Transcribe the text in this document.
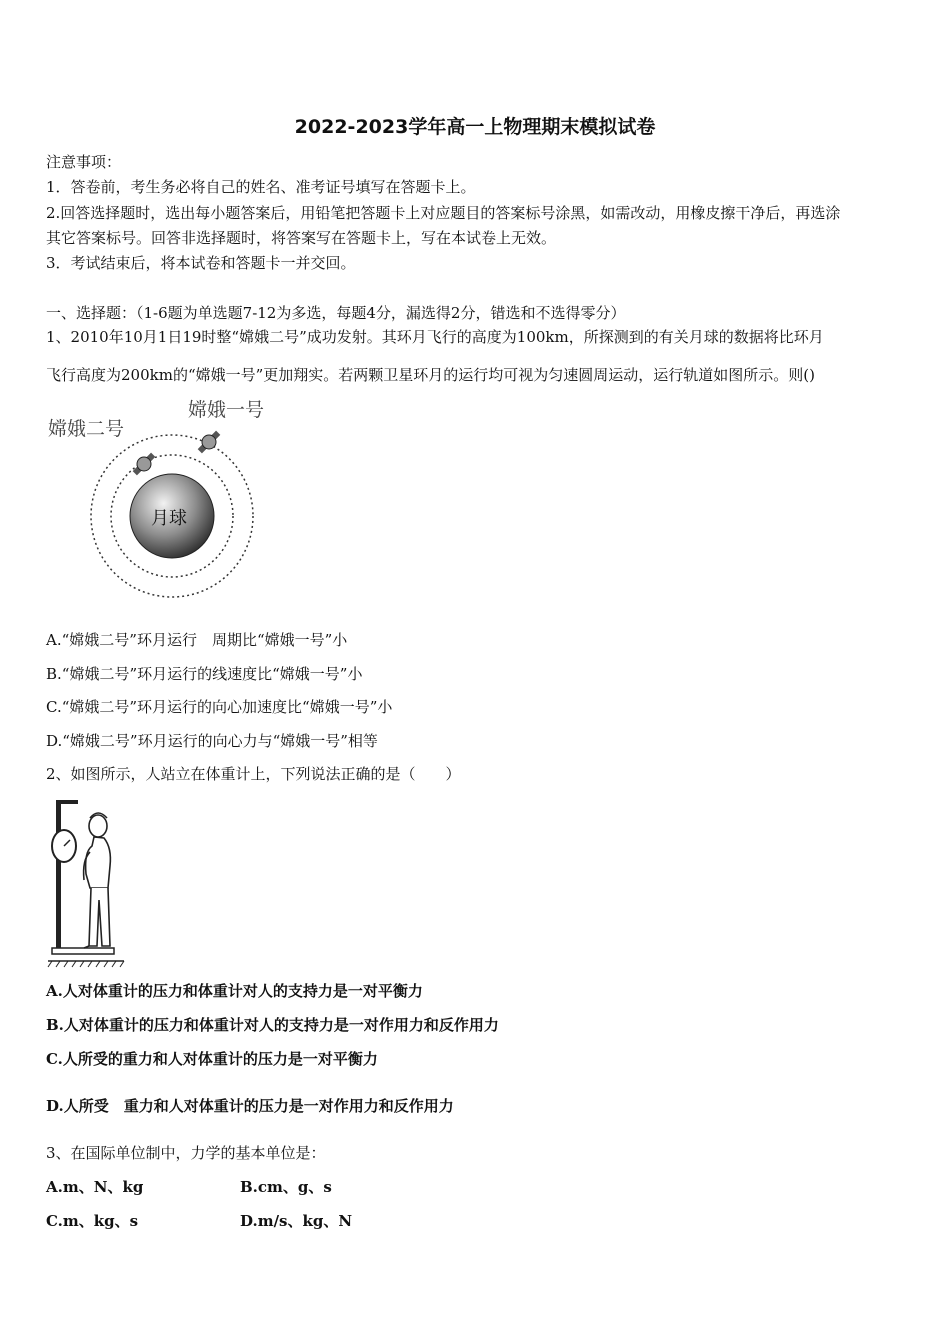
2022-2023学年高一上物理期末模拟试卷
注意事项：
1．答卷前，考生务必将自己的姓名、准考证号填写在答题卡上。
2.回答选择题时，选出每小题答案后，用铅笔把答题卡上对应题目的答案标号涂黑，如需改动，用橡皮擦干净后，再选涂
其它答案标号。回答非选择题时，将答案写在答题卡上，写在本试卷上无效。
3．考试结束后，将本试卷和答题卡一并交回。
一、选择题：（1-6题为单选题7-12为多选，每题4分，漏选得2分，错选和不选得零分）
1、2010年10月1日19时整“嫦娥二号”成功发射。其环月飞行的高度为100km，所探测到的有关月球的数据将比环月
飞行高度为200km的“嫦娥一号”更加翔实。若两颗卫星环月的运行均可视为匀速圆周运动，运行轨道如图所示。则()
月球
嫦娥二号
嫦娥一号
A.“嫦娥二号”环月运行　周期比“嫦娥一号”小
B.“嫦娥二号”环月运行的线速度比“嫦娥一号”小
C.“嫦娥二号”环月运行的向心加速度比“嫦娥一号”小
D.“嫦娥二号”环月运行的向心力与“嫦娥一号”相等
2、如图所示，人站立在体重计上，下列说法正确的是（　　）
A.人对体重计的压力和体重计对人的支持力是一对平衡力
B.人对体重计的压力和体重计对人的支持力是一对作用力和反作用力
C.人所受的重力和人对体重计的压力是一对平衡力
D.人所受　重力和人对体重计的压力是一对作用力和反作用力
3、在国际单位制中，力学的基本单位是：
A.m、N、kg	B.cm、g、s
C.m、kg、s	D.m/s、kg、N
